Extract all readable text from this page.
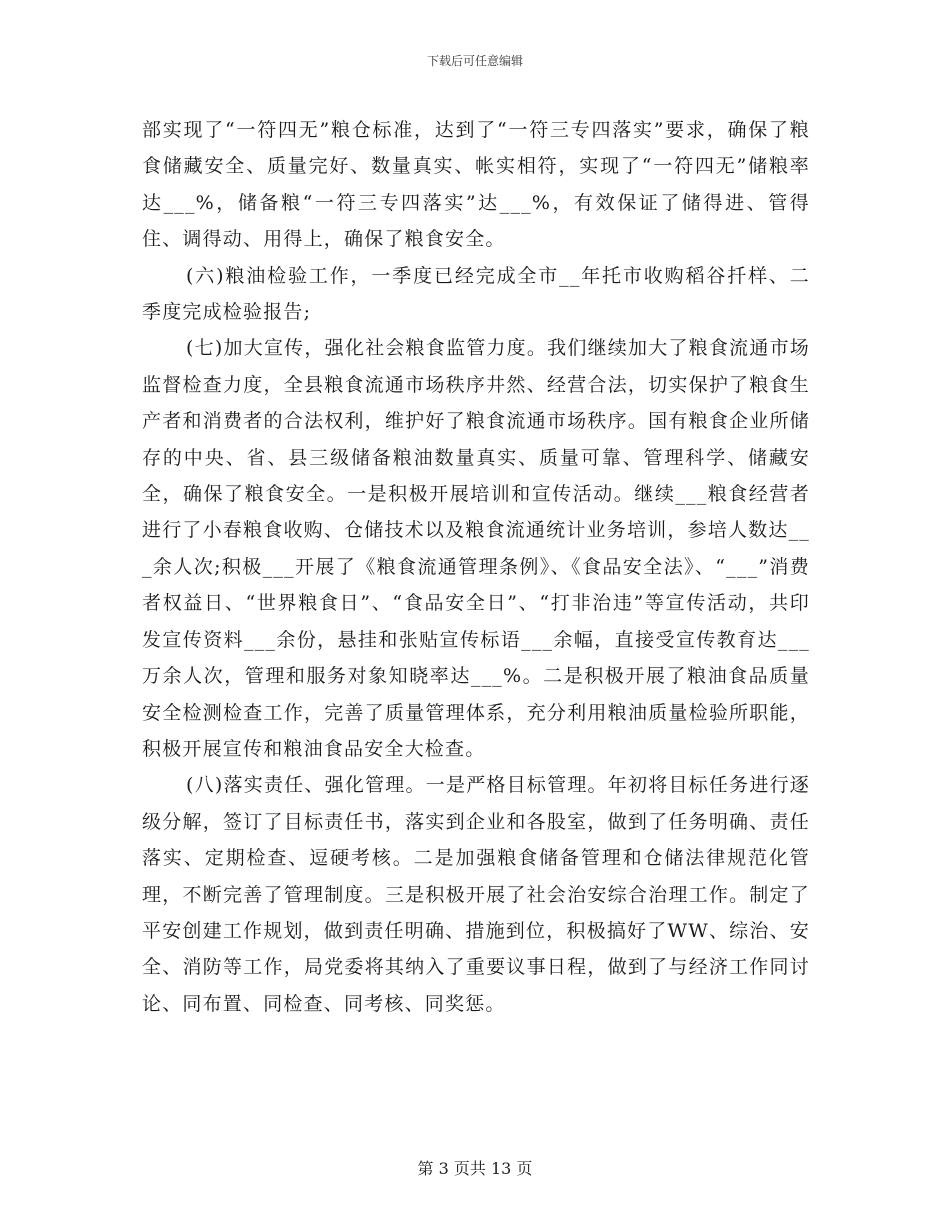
下载后可任意编辑

部实现了“一符四无”粮仓标准，达到了“一符三专四落实”要求，确保了粮食储藏安全、质量完好、数量真实、帐实相符，实现了“一符四无”储粮率达___%，储备粮“一符三专四落实”达___%，有效保证了储得进、管得住、调得动、用得上，确保了粮食安全。

(六)粮油检验工作，一季度已经完成全市__年托市收购稻谷扦样、二季度完成检验报告;

(七)加大宣传，强化社会粮食监管力度。我们继续加大了粮食流通市场监督检查力度，全县粮食流通市场秩序井然、经营合法，切实保护了粮食生产者和消费者的合法权利，维护好了粮食流通市场秩序。国有粮食企业所储存的中央、省、县三级储备粮油数量真实、质量可靠、管理科学、储藏安全，确保了粮食安全。一是积极开展培训和宣传活动。继续___粮食经营者进行了小春粮食收购、仓储技术以及粮食流通统计业务培训，参培人数达___余人次;积极___开展了《粮食流通管理条例》、《食品安全法》、“___”消费者权益日、“世界粮食日”、“食品安全日”、“打非治违”等宣传活动，共印发宣传资料___余份，悬挂和张贴宣传标语___余幅，直接受宣传教育达___万余人次，管理和服务对象知晓率达___%。二是积极开展了粮油食品质量安全检测检查工作，完善了质量管理体系，充分利用粮油质量检验所职能，积极开展宣传和粮油食品安全大检查。

(八)落实责任、强化管理。一是严格目标管理。年初将目标任务进行逐级分解，签订了目标责任书，落实到企业和各股室，做到了任务明确、责任落实、定期检查、逗硬考核。二是加强粮食储备管理和仓储法律规范化管理，不断完善了管理制度。三是积极开展了社会治安综合治理工作。制定了平安创建工作规划，做到责任明确、措施到位，积极搞好了WW、综治、安全、消防等工作，局党委将其纳入了重要议事日程，做到了与经济工作同讨论、同布置、同检查、同考核、同奖惩。

第 3 页共 13 页
